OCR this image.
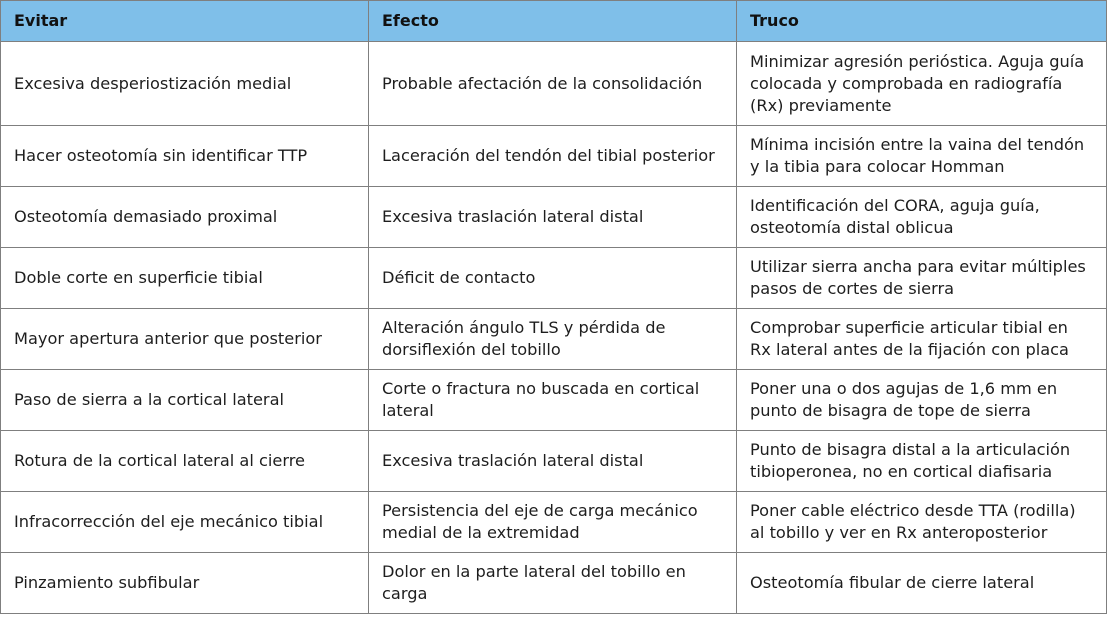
Evitar	Efecto	Truco
Excesiva desperiostización medial	Probable afectación de la consolidación	Minimizar agresión perióstica. Aguja guía colocada y comprobada en radiografía (Rx) previamente
Hacer osteotomía sin identificar TTP	Laceración del tendón del tibial posterior	Mínima incisión entre la vaina del tendón y la tibia para colocar Homman
Osteotomía demasiado proximal	Excesiva traslación lateral distal	Identificación del CORA, aguja guía, osteotomía distal oblicua
Doble corte en superficie tibial	Déficit de contacto	Utilizar sierra ancha para evitar múltiples pasos de cortes de sierra
Mayor apertura anterior que posterior	Alteración ángulo TLS y pérdida de dorsiflexión del tobillo	Comprobar superficie articular tibial en Rx lateral antes de la fijación con placa
Paso de sierra a la cortical lateral	Corte o fractura no buscada en cortical lateral	Poner una o dos agujas de 1,6 mm en punto de bisagra de tope de sierra
Rotura de la cortical lateral al cierre	Excesiva traslación lateral distal	Punto de bisagra distal a la articulación tibioperonea, no en cortical diafisaria
Infracorrección del eje mecánico tibial	Persistencia del eje de carga mecánico medial de la extremidad	Poner cable eléctrico desde TTA (rodilla) al tobillo y ver en Rx anteroposterior
Pinzamiento subfibular	Dolor en la parte lateral del tobillo en carga	Osteotomía fibular de cierre lateral
